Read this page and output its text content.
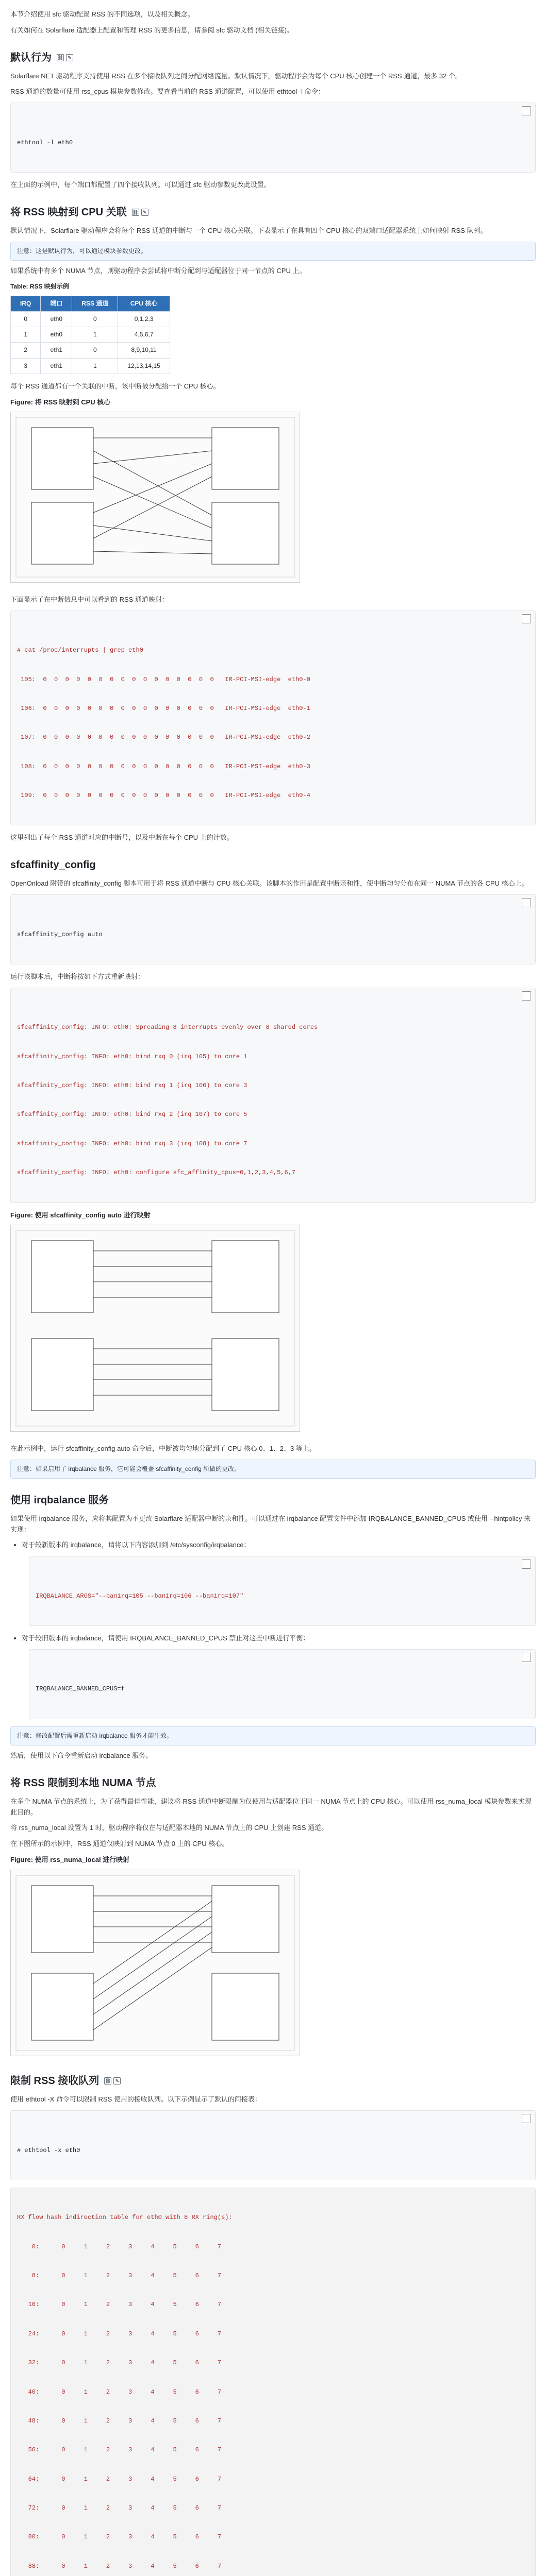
本节介绍使用 sfc 驱动配置 RSS 的不同选项，以及相关概念。

有关如何在 Solarflare 适配器上配置和管理 RSS 的更多信息，请参阅 sfc 驱动文档 (相关链接)。

默认行为 ⛓ ✎

Solarflare NET 驱动程序支持使用 RSS 在多个接收队列之间分配网络流量。默认情况下，驱动程序会为每个 CPU 核心创建一个 RSS 通道，最多 32 个。

RSS 通道的数量可使用 rss_cpus 模块参数修改。要查看当前的 RSS 通道配置，可以使用 ethtool -l 命令：

ethtool -l eth0

在上面的示例中，每个端口都配置了四个接收队列。可以通过 sfc 驱动参数更改此设置。

将 RSS 映射到 CPU 关联 ⛓ ✎

默认情况下，Solarflare 驱动程序会将每个 RSS 通道的中断与一个 CPU 核心关联。下表显示了在具有四个 CPU 核心的双端口适配器系统上如何映射 RSS 队列。

注意：这是默认行为，可以通过模块参数更改。

如果系统中有多个 NUMA 节点，则驱动程序会尝试将中断分配到与适配器位于同一节点的 CPU 上。

Table: RSS 映射示例
IRQ	端口	RSS 通道	CPU 核心
0	eth0	0	0,1,2,3
1	eth0	1	4,5,6,7
2	eth1	0	8,9,10,11
3	eth1	1	12,13,14,15

每个 RSS 通道都有一个关联的中断，该中断被分配给一个 CPU 核心。

Figure: 将 RSS 映射到 CPU 核心

下面显示了在中断信息中可以看到的 RSS 通道映射：

# cat /proc/interrupts | grep eth0

105:  0  0  0  0  0  0  0  0  0  0  0  0  0  0  0  0   IR-PCI-MSI-edge  eth0-0

106:  0  0  0  0  0  0  0  0  0  0  0  0  0  0  0  0   IR-PCI-MSI-edge  eth0-1

107:  0  0  0  0  0  0  0  0  0  0  0  0  0  0  0  0   IR-PCI-MSI-edge  eth0-2

108:  0  0  0  0  0  0  0  0  0  0  0  0  0  0  0  0   IR-PCI-MSI-edge  eth0-3

109:  0  0  0  0  0  0  0  0  0  0  0  0  0  0  0  0   IR-PCI-MSI-edge  eth0-4

这里列出了每个 RSS 通道对应的中断号，以及中断在每个 CPU 上的计数。

sfcaffinity_config

OpenOnload 附带的 sfcaffinity_config 脚本可用于将 RSS 通道中断与 CPU 核心关联。该脚本的作用是配置中断亲和性，使中断均匀分布在同一 NUMA 节点的各 CPU 核心上。

sfcaffinity_config auto

运行该脚本后，中断将按如下方式重新映射：

sfcaffinity_config: INFO: eth0: Spreading 8 interrupts evenly over 8 shared cores

sfcaffinity_config: INFO: eth0: bind rxq 0 (irq 105) to core 1

sfcaffinity_config: INFO: eth0: bind rxq 1 (irq 106) to core 3

sfcaffinity_config: INFO: eth0: bind rxq 2 (irq 107) to core 5

sfcaffinity_config: INFO: eth0: bind rxq 3 (irq 108) to core 7

sfcaffinity_config: INFO: eth0: configure sfc_affinity_cpus=0,1,2,3,4,5,6,7

Figure: 使用 sfcaffinity_config auto 进行映射

在此示例中，运行 sfcaffinity_config auto 命令后，中断被均匀地分配到了 CPU 核心 0、1、2、3 等上。

注意：如果启用了 irqbalance 服务，它可能会覆盖 sfcaffinity_config 所做的更改。
使用 irqbalance 服务

如果使用 irqbalance 服务，应将其配置为不更改 Solarflare 适配器中断的亲和性。可以通过在 irqbalance 配置文件中添加 IRQBALANCE_BANNED_CPUS 或使用 --hintpolicy 来实现：

• 对于较新版本的 irqbalance，请将以下内容添加到 /etc/sysconfig/irqbalance：

IRQBALANCE_ARGS="--banirq=105 --banirq=106 --banirq=107"

• 对于较旧版本的 irqbalance，请使用 IRQBALANCE_BANNED_CPUS 禁止对这些中断进行平衡：

IRQBALANCE_BANNED_CPUS=f

注意：修改配置后需重新启动 irqbalance 服务才能生效。

然后，使用以下命令重新启动 irqbalance 服务。

将 RSS 限制到本地 NUMA 节点

在多个 NUMA 节点的系统上，为了获得最佳性能，建议将 RSS 通道中断限制为仅使用与适配器位于同一 NUMA 节点上的 CPU 核心。可以使用 rss_numa_local 模块参数来实现此目的。

将 rss_numa_local 设置为 1 时，驱动程序将仅在与适配器本地的 NUMA 节点上的 CPU 上创建 RSS 通道。

在下图所示的示例中，RSS 通道仅映射到 NUMA 节点 0 上的 CPU 核心。

Figure: 使用 rss_numa_local 进行映射
限制 RSS 接收队列 ⛓ ✎

使用 ethtool -X 命令可以限制 RSS 使用的接收队列。以下示例显示了默认的间接表：

# ethtool -x eth0

RX flow hash indirection table for eth0 with 8 RX ring(s):

0:      0     1     2     3     4     5     6     7

8:      0     1     2     3     4     5     6     7

16:      0     1     2     3     4     5     6     7

24:      0     1     2     3     4     5     6     7

32:      0     1     2     3     4     5     6     7

40:      0     1     2     3     4     5     6     7

48:      0     1     2     3     4     5     6     7

56:      0     1     2     3     4     5     6     7

64:      0     1     2     3     4     5     6     7

72:      0     1     2     3     4     5     6     7

80:      0     1     2     3     4     5     6     7

88:      0     1     2     3     4     5     6     7
